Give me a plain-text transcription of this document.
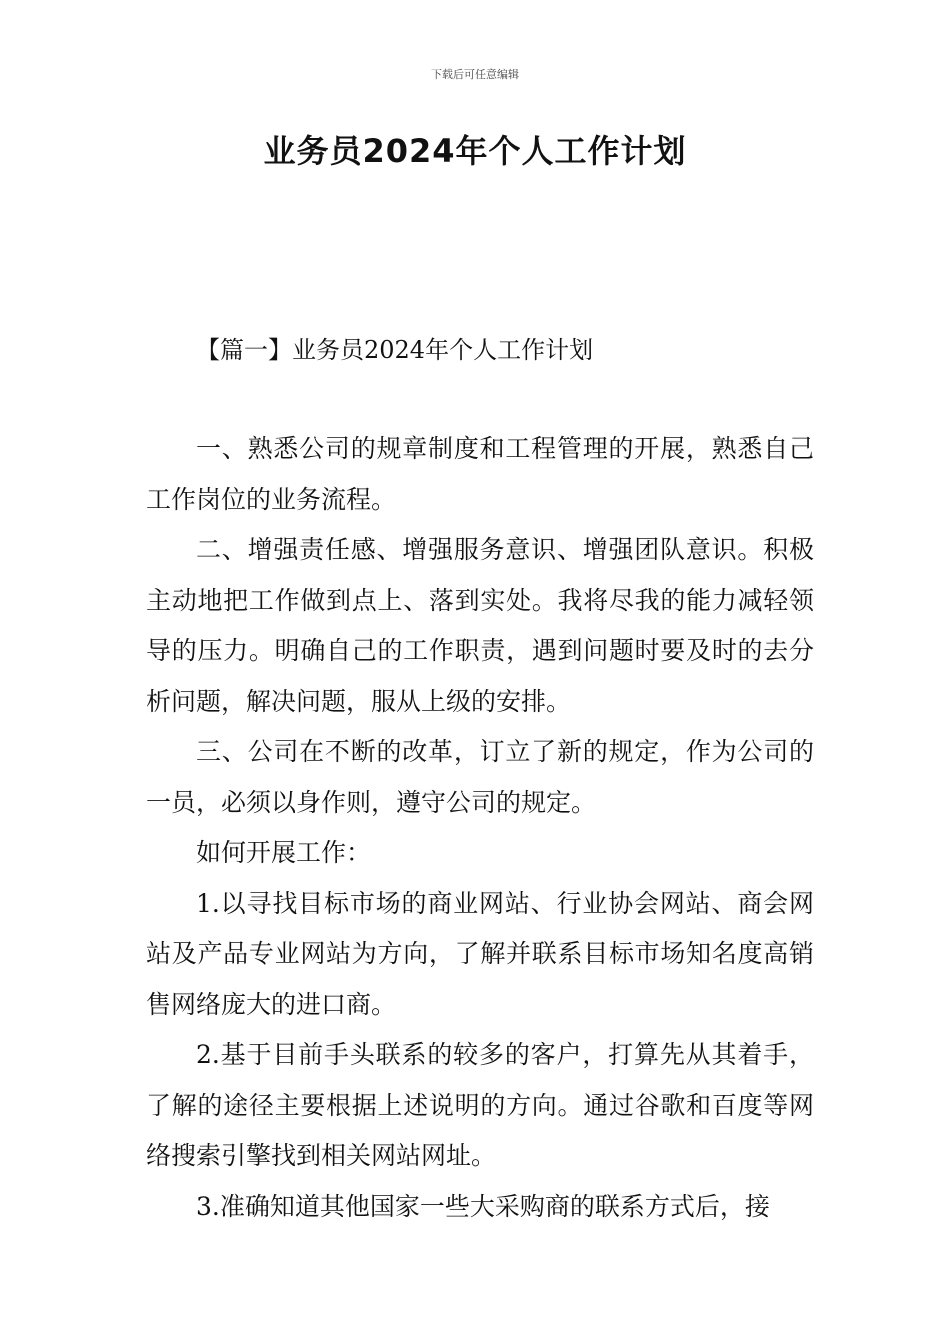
下载后可任意编辑
业务员2024年个人工作计划
【篇一】业务员2024年个人工作计划

一、熟悉公司的规章制度和工程管理的开展，熟悉自己工作岗位的业务流程。

二、增强责任感、增强服务意识、增强团队意识。积极主动地把工作做到点上、落到实处。我将尽我的能力减轻领导的压力。明确自己的工作职责，遇到问题时要及时的去分析问题，解决问题，服从上级的安排。

三、公司在不断的改革，订立了新的规定，作为公司的一员，必须以身作则，遵守公司的规定。

如何开展工作：

1.以寻找目标市场的商业网站、行业协会网站、商会网站及产品专业网站为方向，了解并联系目标市场知名度高销售网络庞大的进口商。

2.基于目前手头联系的较多的客户，打算先从其着手，了解的途径主要根据上述说明的方向。通过谷歌和百度等网络搜索引擎找到相关网站网址。

3.准确知道其他国家一些大采购商的联系方式后，接
